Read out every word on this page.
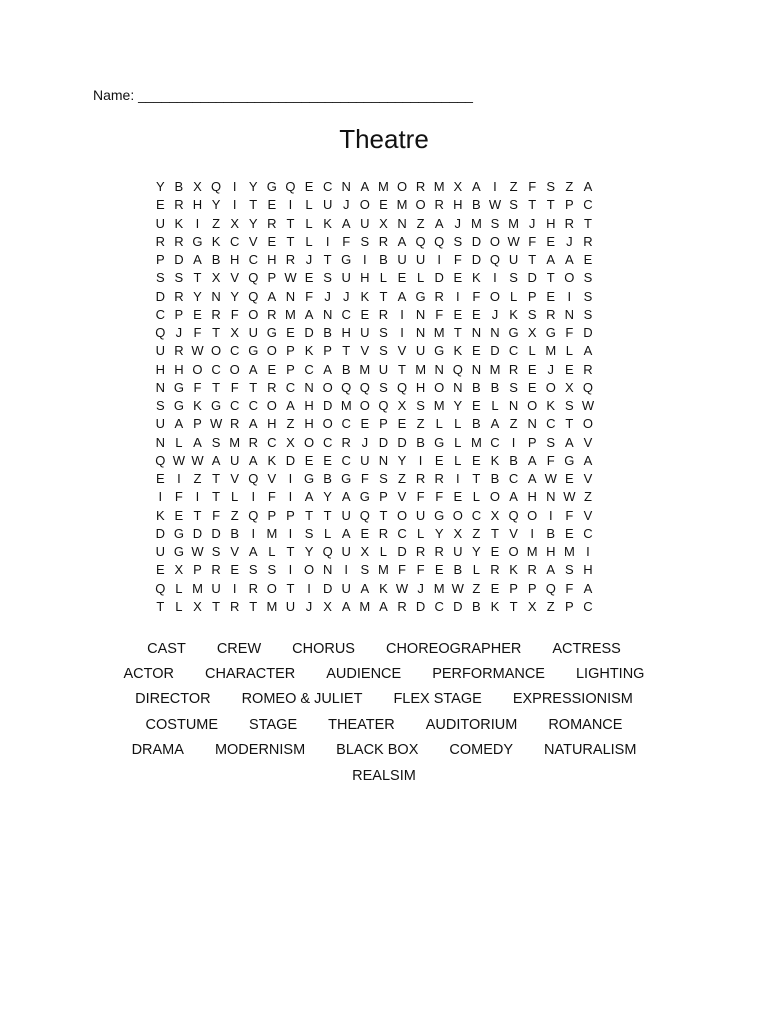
Name: ___________________________________________
Theatre
Y B X Q I Y G Q E C N A M O R M X A I Z F S Z A
E R H Y I T E I	L U J O E M O R H B W S T T P C
U K I Z X Y R T L K A U X N Z A J M S M J H R T
R R G K C V E T L	I F S R A Q Q S D O W F E J R
P D A B H C H R J T G I B U U I F D Q U T A A E
S S T X V Q P W E S U H L E L D E K I S D T O S
D R Y N Y Q A N F J J K T A G R I F O L P E I S
C P E R F O R M A N C E R I N F E E J K S R N S
Q J F T X U G E D B H U S I N M T N N G X G F D
U R W O C G O P K P T V S V U G K E D C L M L A
H H O C O A E P C A B M U T M N Q N M R E J E R
N G F T F T R C N O Q Q S Q H O N B B S E O X Q
S G K G C C O A H D M O Q X S M Y E L N O K S W
U A P W R A H Z H O C E P E Z L L B A Z N C T O
N L A S M R C X O C R J D D B G L M C I P S A V
Q W W A U A K D E E C U N Y I E L E K B A F G A
E I Z T V Q V I G B G F S Z R R I T B C A W E V
I F I T L	I F I A Y A G P V F F E L O A H N W Z
K E T F Z Q P P T T U Q T O U G O C X Q O I F V
D G D D B I M I S L A E R C L Y X Z T V I B E C
U G W S V A L T Y Q U X L D R R U Y E O M H M I
E X P R E S S I O N I S M F F E B L R K R A S H
Q L M U I R O T I D U A K W J M W Z E P P Q F A
T L X T R T M U J X A M A R D C D B K T X Z P C
CAST	CREW	CHORUS	CHOREOGRAPHER	ACTRESS
ACTOR	CHARACTER	AUDIENCE	PERFORMANCE	LIGHTING
DIRECTOR	ROMEO & JULIET	FLEX STAGE	EXPRESSIONISM
COSTUME	STAGE	THEATER	AUDITORIUM	ROMANCE
DRAMA	MODERNISM	BLACK BOX	COMEDY	NATURALISM
REALSIM
